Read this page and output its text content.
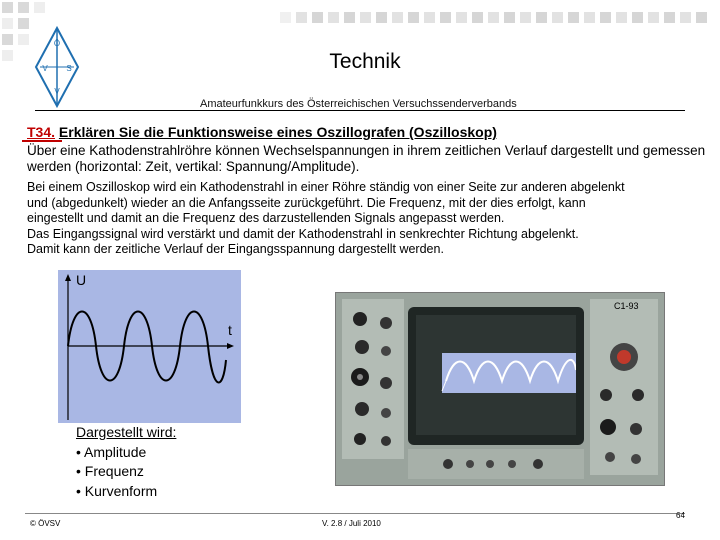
Ö
V S
V
Technik
Amateurfunkkurs des Österreichischen Versuchssenderverbands
T34. Erklären Sie die Funktionsweise eines Oszillografen (Oszilloskop)
Über eine Kathodenstrahlröhre können Wechselspannungen in ihrem zeitlichen Verlauf dargestellt und gemessen werden (horizontal: Zeit, vertikal: Spannung/Amplitude).
Bei einem Oszilloskop wird ein Kathodenstrahl in einer Röhre ständig von einer Seite zur anderen abgelenkt
und (abgedunkelt) wieder an die Anfangsseite zurückgeführt. Die Frequenz, mit der dies erfolgt, kann
eingestellt und damit an die Frequenz des darzustellenden Signals angepasst werden.
Das Eingangssignal wird verstärkt und damit der Kathodenstrahl in senkrechter Richtung abgelenkt.
Damit kann der zeitliche Verlauf der Eingangsspannung dargestellt werden.
U
t
C1-93
Dargestellt wird:
• Amplitude
• Frequenz
• Kurvenform
© ÖVSV	V. 2.8 / Juli 2010
64
